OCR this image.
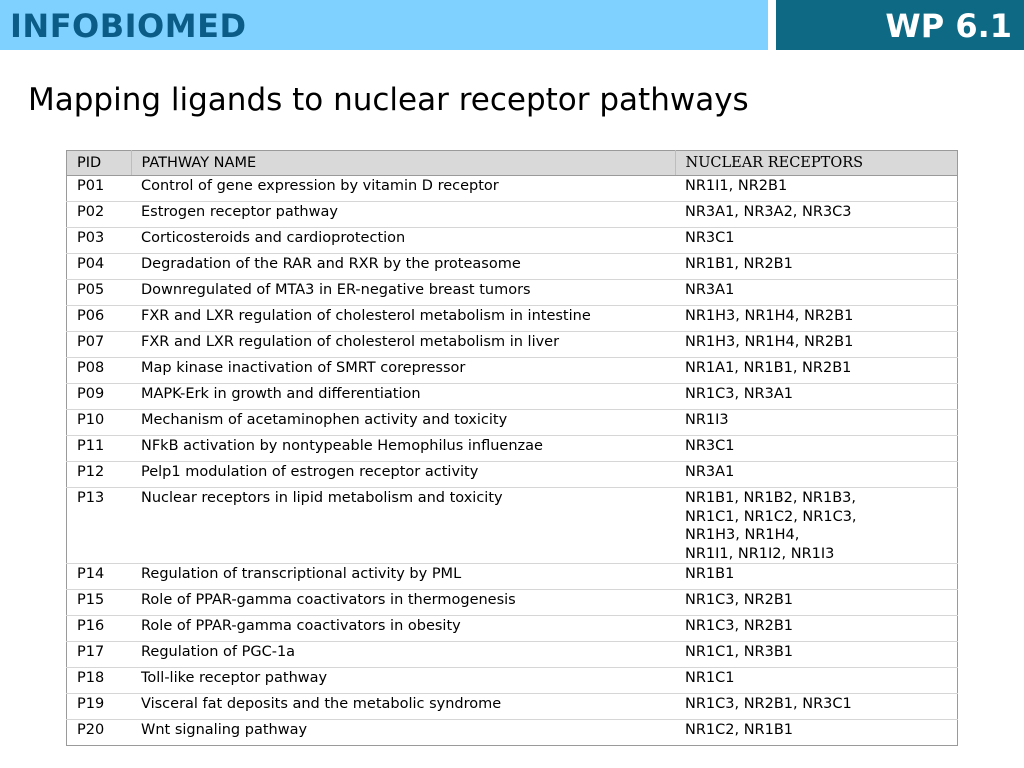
INFOBIOMED	WP 6.1
Mapping ligands to nuclear receptor pathways
PID	PATHWAY NAME	NUCLEAR RECEPTORS
P01	Control of gene expression by vitamin D receptor	NR1I1, NR2B1

P02	Estrogen receptor pathway	NR3A1, NR3A2, NR3C3

P03	Corticosteroids and cardioprotection	NR3C1

P04	Degradation of the RAR and RXR by the proteasome	NR1B1, NR2B1

P05	Downregulated of MTA3 in ER-negative breast tumors	NR3A1

P06	FXR and LXR regulation of cholesterol metabolism in intestine	NR1H3, NR1H4, NR2B1

P07	FXR and LXR regulation of cholesterol metabolism in liver	NR1H3, NR1H4, NR2B1

P08	Map kinase inactivation of SMRT corepressor	NR1A1, NR1B1, NR2B1

P09	MAPK-Erk in growth and differentiation	NR1C3, NR3A1

P10	Mechanism of acetaminophen activity and toxicity	NR1I3

P11	NFkB activation by nontypeable Hemophilus influenzae	NR3C1

P12	Pelp1 modulation of estrogen receptor activity	NR3A1

P13	Nuclear receptors in lipid metabolism and toxicity	NR1B1, NR1B2, NR1B3,
NR1C1, NR1C2, NR1C3,
NR1H3, NR1H4,
NR1I1, NR1I2, NR1I3

P14	Regulation of transcriptional activity by PML	NR1B1

P15	Role of PPAR-gamma coactivators in thermogenesis	NR1C3, NR2B1

P16	Role of PPAR-gamma coactivators in obesity	NR1C3, NR2B1

P17	Regulation of PGC-1a	NR1C1, NR3B1

P18	Toll-like receptor pathway	NR1C1

P19	Visceral fat deposits and the metabolic syndrome	NR1C3, NR2B1, NR3C1

P20	Wnt signaling pathway	NR1C2, NR1B1
